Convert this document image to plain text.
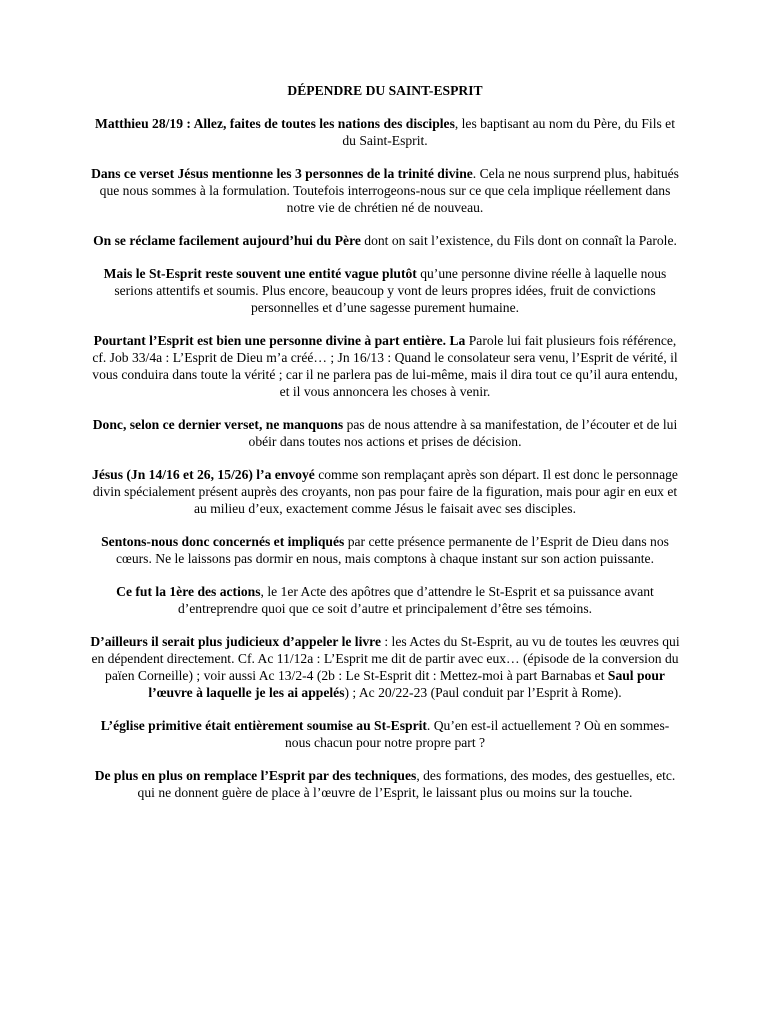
DÉPENDRE DU SAINT-ESPRIT

Matthieu 28/19 : Allez, faites de toutes les nations des disciples, les baptisant au nom du Père, du Fils et du Saint-Esprit.

Dans ce verset Jésus mentionne les 3 personnes de la trinité divine. Cela ne nous surprend plus, habitués que nous sommes à la formulation. Toutefois interrogeons-nous sur ce que cela implique réellement dans notre vie de chrétien né de nouveau.

On se réclame facilement aujourd’hui du Père dont on sait l’existence, du Fils dont on connaît la Parole.

Mais le St-Esprit reste souvent une entité vague plutôt qu’une personne divine réelle à laquelle nous serions attentifs et soumis. Plus encore, beaucoup y vont de leurs propres idées, fruit de convictions personnelles et d’une sagesse purement humaine.

Pourtant l’Esprit est bien une personne divine à part entière. La Parole lui fait plusieurs fois référence, cf. Job 33/4a : L’Esprit de Dieu m’a créé… ; Jn 16/13 : Quand le consolateur sera venu, l’Esprit de vérité, il vous conduira dans toute la vérité ; car il ne parlera pas de lui-même, mais il dira tout ce qu’il aura entendu, et il vous annoncera les choses à venir.

Donc, selon ce dernier verset, ne manquons pas de nous attendre à sa manifestation, de l’écouter et de lui obéir dans toutes nos actions et prises de décision.

Jésus (Jn 14/16 et 26, 15/26) l’a envoyé comme son remplaçant après son départ. Il est donc le personnage divin spécialement présent auprès des croyants, non pas pour faire de la figuration, mais pour agir en eux et au milieu d’eux, exactement comme Jésus le faisait avec ses disciples.

Sentons-nous donc concernés et impliqués par cette présence permanente de l’Esprit de Dieu dans nos cœurs. Ne le laissons pas dormir en nous, mais comptons à chaque instant sur son action puissante.

Ce fut la 1ère des actions, le 1er Acte des apôtres que d’attendre le St-Esprit et sa puissance avant d’entreprendre quoi que ce soit d’autre et principalement d’être ses témoins.

D’ailleurs il serait plus judicieux d’appeler le livre : les Actes du St-Esprit, au vu de toutes les œuvres qui en dépendent directement. Cf. Ac 11/12a : L’Esprit me dit de partir avec eux… (épisode de la conversion du païen Corneille) ; voir aussi Ac 13/2-4 (2b : Le St-Esprit dit : Mettez-moi à part Barnabas et Saul pour l’œuvre à laquelle je les ai appelés) ; Ac 20/22-23 (Paul conduit par l’Esprit à Rome).

L’église primitive était entièrement soumise au St-Esprit. Qu’en est-il actuellement ? Où en sommes-nous chacun pour notre propre part ?

De plus en plus on remplace l’Esprit par des techniques, des formations, des modes, des gestuelles, etc. qui ne donnent guère de place à l’œuvre de l’Esprit, le laissant plus ou moins sur la touche.
